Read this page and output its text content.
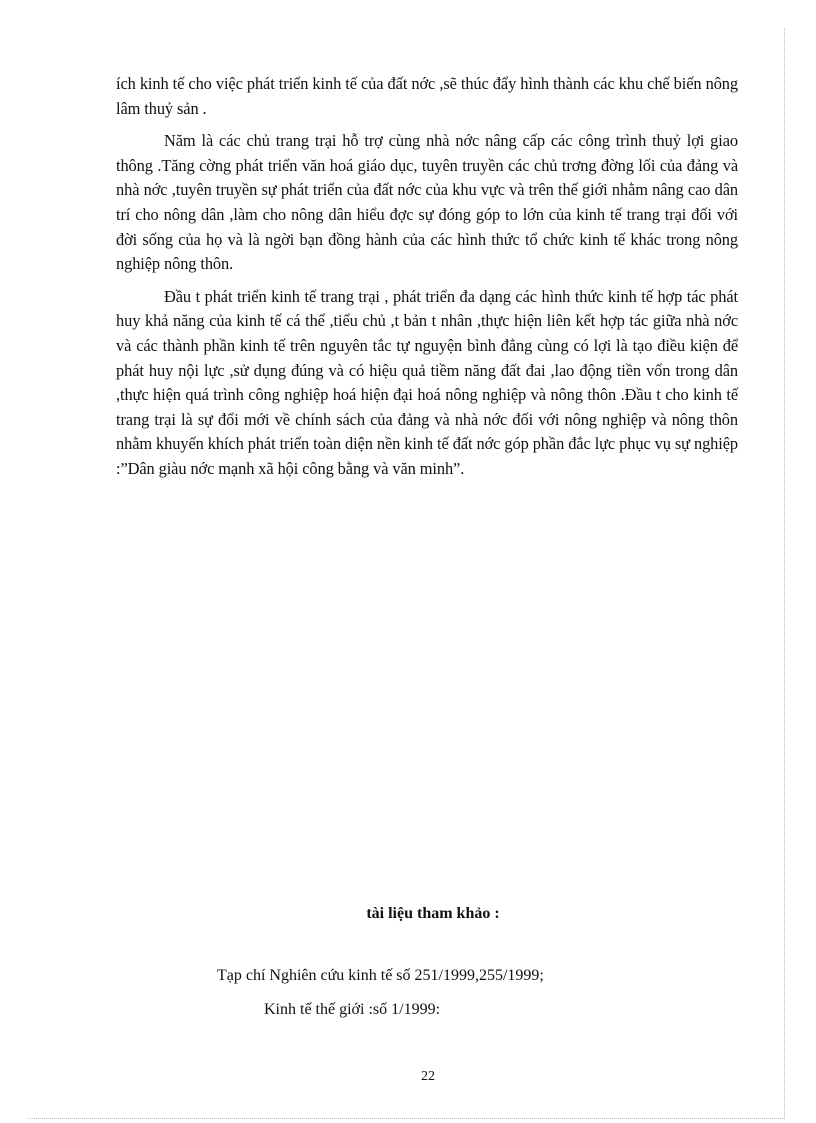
ích kinh tế cho việc phát triển kinh tế của đất nớc ,sẽ thúc đẩy hình thành các khu chế biến nông lâm thuỷ sản .

Năm là các chủ trang trại hỗ trợ cùng nhà nớc nâng cấp các công trình thuỷ lợi giao thông .Tăng cờng phát triển văn hoá giáo dục, tuyên truyền các chủ trơng đờng lối của đảng và nhà nớc ,tuyên truyền sự phát triển của đất nớc của khu vực và trên thế giới nhằm nâng cao dân trí cho nông dân ,làm cho nông dân hiểu đợc sự đóng góp to lớn của kinh tế trang trại đối với đời sống của họ và là ngời bạn đồng hành của các hình thức tổ chức kinh tế khác trong nông nghiệp nông thôn.

Đầu t phát triển kinh tế trang trại , phát triển đa dạng các hình thức kinh tế hợp tác phát huy khả năng của kinh tế cá thể ,tiểu chủ ,t bản t nhân ,thực hiện liên kết hợp tác giữa nhà nớc và các thành phần kinh tế trên nguyên tắc tự nguyện bình đẳng cùng có lợi là tạo điều kiện để phát huy nội lực ,sử dụng đúng và có hiệu quả tiềm năng đất đai ,lao động tiền vốn trong dân ,thực hiện quá trình công nghiệp hoá hiện đại hoá nông nghiệp và nông thôn .Đầu t cho kinh tế trang trại là sự đổi mới về chính sách của đảng và nhà nớc đối với nông nghiệp và nông thôn nhằm khuyến khích phát triển toàn diện nền kinh tế đất nớc góp phần đắc lực phục vụ sự nghiệp :”Dân giàu nớc mạnh xã hội công bằng và văn minh”.

tài liệu tham khảo :

Tạp chí Nghiên cứu kinh tế số 251/1999,255/1999;

Kinh tế thế giới :số 1/1999:

22
